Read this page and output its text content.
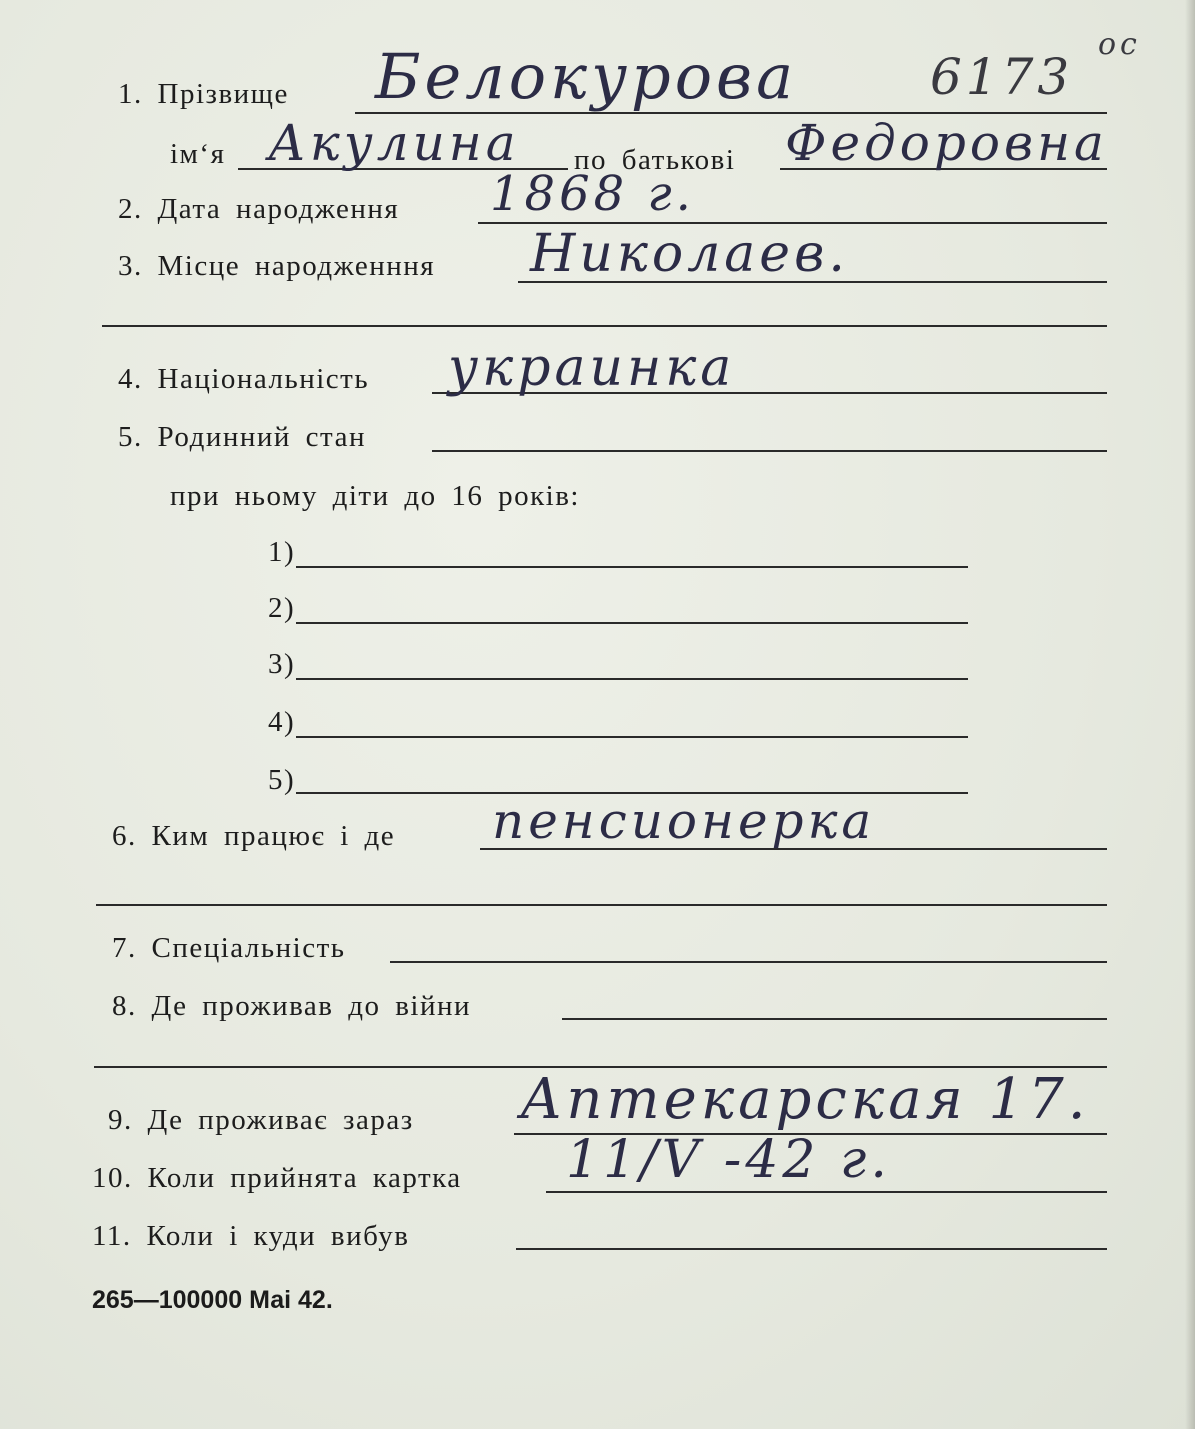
1. Прізвище Белокурова	6173
ос
ім‘я Акулина по батькові Федоровна
2. Дата народження 1868 г.
3. Місце народженння Николаев.
4. Національність украинка
5. Родинний стан
при ньому діти до 16 років:
1)
2)
3)
4)
5)
6. Ким працює і де пенсионерка
7. Спеціальність
8. Де проживав до війни
9. Де проживає зараз Аптекарская 17.
10. Коли прийнята картка 11/V -42 г.
11. Коли і куди вибув
265—100000 Маі 42.
